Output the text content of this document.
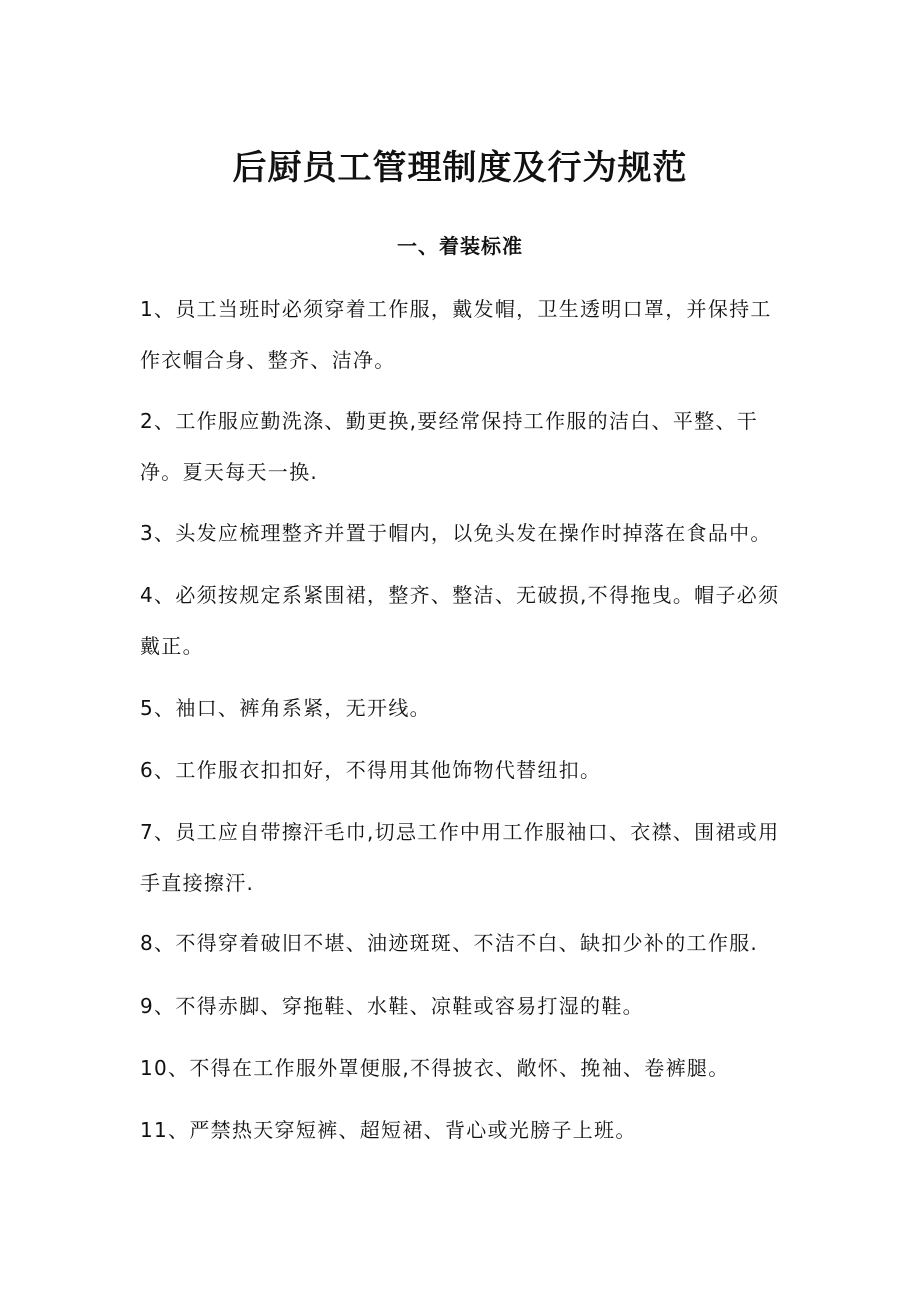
后厨员工管理制度及行为规范
一、着装标准
1、员工当班时必须穿着工作服，戴发帽，卫生透明口罩，并保持工作衣帽合身、整齐、洁净。
2、工作服应勤洗涤、勤更换,要经常保持工作服的洁白、平整、干净。夏天每天一换.
3、头发应梳理整齐并置于帽内，以免头发在操作时掉落在食品中。
4、必须按规定系紧围裙，整齐、整洁、无破损,不得拖曳。帽子必须戴正。
5、袖口、裤角系紧，无开线。
6、工作服衣扣扣好，不得用其他饰物代替纽扣。
7、员工应自带擦汗毛巾,切忌工作中用工作服袖口、衣襟、围裙或用手直接擦汗.
8、不得穿着破旧不堪、油迹斑斑、不洁不白、缺扣少补的工作服.
9、不得赤脚、穿拖鞋、水鞋、凉鞋或容易打湿的鞋。
10、不得在工作服外罩便服,不得披衣、敞怀、挽袖、卷裤腿。
11、严禁热天穿短裤、超短裙、背心或光膀子上班。
